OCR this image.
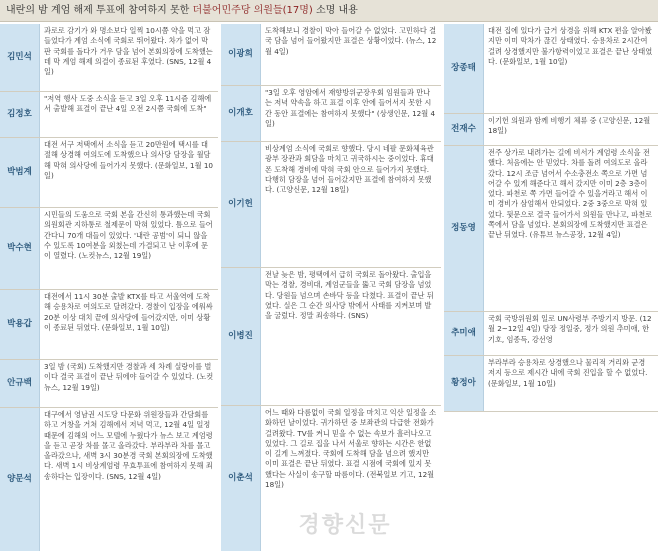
내란의 밤 계엄 해제 투표에 참여하지 못한 더불어민주당 의원들(17명) 소명 내용
김민석
과로로 감기가 와 명소보다 일찍 10시쯤 약을 먹고 잠들었다가 계엄 소식에 국회로 뛰어왔다. 차가 없어 막판 국회를 돌다가 거우 담을 넘어 본회의장에 도착했는데 막 계엄 해제 의결이 종료된 후였다. (SNS, 12월 4일)
김정호
"저역 행사 도중 소식을 듣고 3일 오후 11시즘 김해에서 출발해 표결이 끝난 4일 오전 2시쯤 국회에 도착"
박범계
대전 서구 저택에서 소식을 듣고 20만원에 택시를 대절해 상경해 여의도에 도착했으나 의사당 담장을 월담해 막혀 의사당에 들어가지 못했다. (문화일보, 1월 10일)
박수현
시민들의 도움으로 국회 본을 간신히 통과했는데 국회의원회관 지하통로 철제문이 막혀 있었다. 틈으로 들어간다니 70개 대들이 있었다. '내란 공범'이 되니 않을 수 있도록 10여분을 외쳤는데 가결되고 난 이후에 문이 열렸다. (노컷뉴스, 12월 19일)
박용갑
대전에서 11시 30분 출발 KTX를 타고 서울역에 도착해 승용차로 여의도로 달려갔다. 경찰이 입장을 에워싸 20분 이상 대치 끝에 의사당에 들어갔지만, 이미 상황이 종료된 뒤였다. (문화일보, 1월 10일)
안규백
3일 밤 (국회) 도착했지만 경찰과 세 차례 실랑이를 벌이다 결국 표결이 끝난 뒤에야 들어갈 수 있었다. (노컷뉴스, 12월 19일)
양문석
대구에서 영남권 시도당 다문화 위원장들과 간담회를 하고 거창을 거쳐 김해에서 저녁 먹고, 12월 4일 일정 때문에 김해의 어느 모텔에 누웠다가 뉴스 보고 계엄령을 듣고 곧장 차를 몰고 올라갔다. 부라부라 차를 몰고 올라갔으나, 새벽 3시 30분경 국회 본회의장에 도착했다. 새벽 1시 비상계엄령 무효투표에 참여하지 못해 죄송하다는 입장이다. (SNS, 12월 4일)
이광희
도착해보니 경찰이 막아 들어갈 수 없었다. 고민하다 결국 담을 넘어 들어왔지만 표결은 상황이었다. (뉴스, 12월 4일)
이개호
"3일 오후 영암에서 재향방위군장우회 임원들과 만나는 저녁 약속을 하고 표결 이후 안에 들어서지 못한 시간 동안 표결에는 참여하지 못했다" (상생인문, 12월 4일)
이기헌
비상계엄 소식에 국회로 향했다. 당시 네팔 문화체육관광부 장관과 회담을 마치고 귀국하시는 중이었다. 휴대폰 도착해 경비에 막혀 국회 안으로 들어가지 못했다. 다행히 담장을 넘어 들어갔지만 표결에 참여하지 못했다. (고양신문, 12월 18일)
이병진
전날 늦은 밤, 평택에서 급히 국회로 돌아왔다. 출입을 막는 경찰, 경비대, 계엄군들을 뚫고 국회 담장을 넘었다. 당원들 넘으며 손바닥 등을 다쳤다. 표결이 끝난 뒤였다. 실은 그 순간 의사당 밖에서 사태를 지켜보며 발을 굴렀다. 정말 죄송하다. (SNS)
이춘석
어느 때와 다름없이 국회 일정을 마치고 익산 일정을 소화하던 날이었다. 귀가하던 중 보좌관의 다급한 전화가 걸려왔다. TV를 켜니 믿을 수 없는 속보가 흘러나오고 있었다. 그 길로 집을 나서 서울로 향하는 시간은 한없이 길게 느껴졌다. 국회에 도착해 담을 넘으려 했지만 이미 표결은 끝난 뒤였다. 표결 시점에 국회에 있지 못했다는 사실이 송구할 따름이다. (전북일보 기고, 12월 18일)
장종태
대전 집에 있다가 급거 상경을 위해 KTX 편을 알아봤지만 이미 막차가 끊긴 상태였다. 승용차로 2시간여 걸려 상경했지만 불가항력이었고 표결은 끝난 상태였다. (문화일보, 1월 10일)
전재수
이기헌 의원과 함께 비행기 체류 중 (고양신문, 12월 18일)
정동영
전주 상가로 내려가는 길에 비서가 계엄령 소식을 전했다. 처음에는 안 믿었다. 차를 돌려 여의도로 올라갔다. 12시 조금 넘어서 수소충전소 쪽으로 가면 넘어갈 수 있게 해준다고 해서 갔지만 이미 2층 3층이었다. 파천로 쪽 가면 들어갈 수 있을거라고 해서 이미 경비가 삼엄해서 안되었다. 2중 3중으로 막혀 있었다. 뒷문으로 결국 들어가서 의원들 만나고, 파천로 쪽에서 담을 넘었다. 본회의장에 도착했지만 표결은 끝난 뒤였다. (유튜브 뉴스공장, 12월 4일)
추미애
국회 국방위원회 일로 UN사령부 주방기지 방문. (12월 2~12일 4일) 당장 정일중, 정가 의원 추미애, 한기호, 임종득, 강선영
황정아
부라부라 승용차로 상경했으나 물리적 거리와 군경 저지 등으로 제시간 내에 국회 진입을 할 수 없었다. (문화일보, 1월 10일)
경향신문
